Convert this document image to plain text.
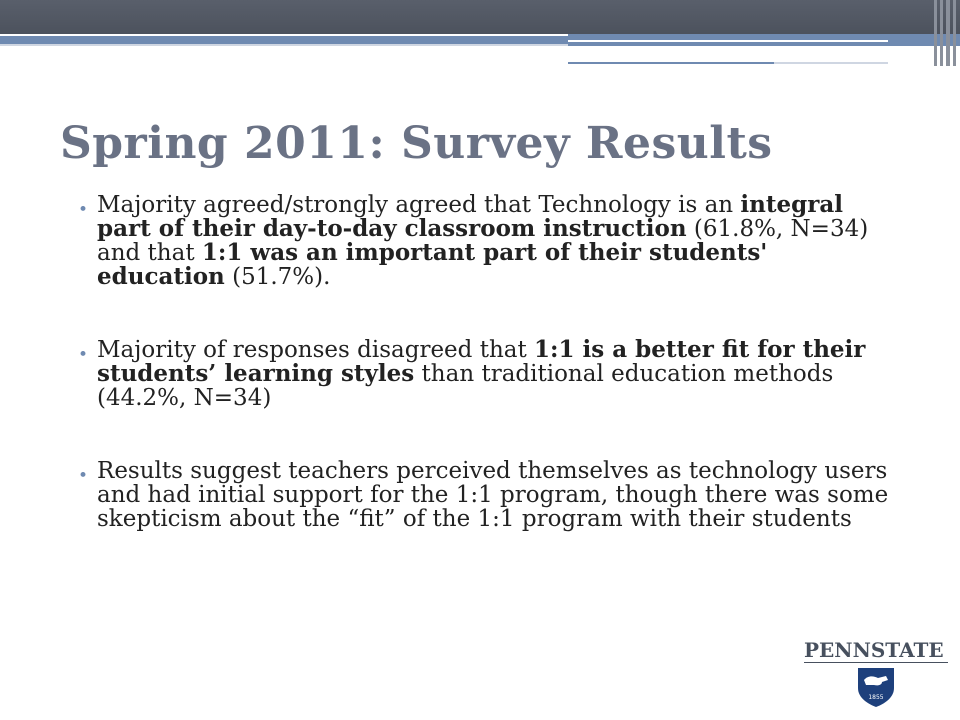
Spring 2011: Survey Results
• Majority agreed/strongly agreed that Technology is an integral part of their day-to-day classroom instruction (61.8%, N=34) and that 1:1 was an important part of their students' education (51.7%).
• Majority of responses disagreed that 1:1 is a better fit for their students’ learning styles than traditional education methods (44.2%, N=34)
• Results suggest teachers perceived themselves as technology users and had initial support for the 1:1 program, though there was some skepticism about the “fit” of the 1:1 program with their students
PENNSTATE
1855
